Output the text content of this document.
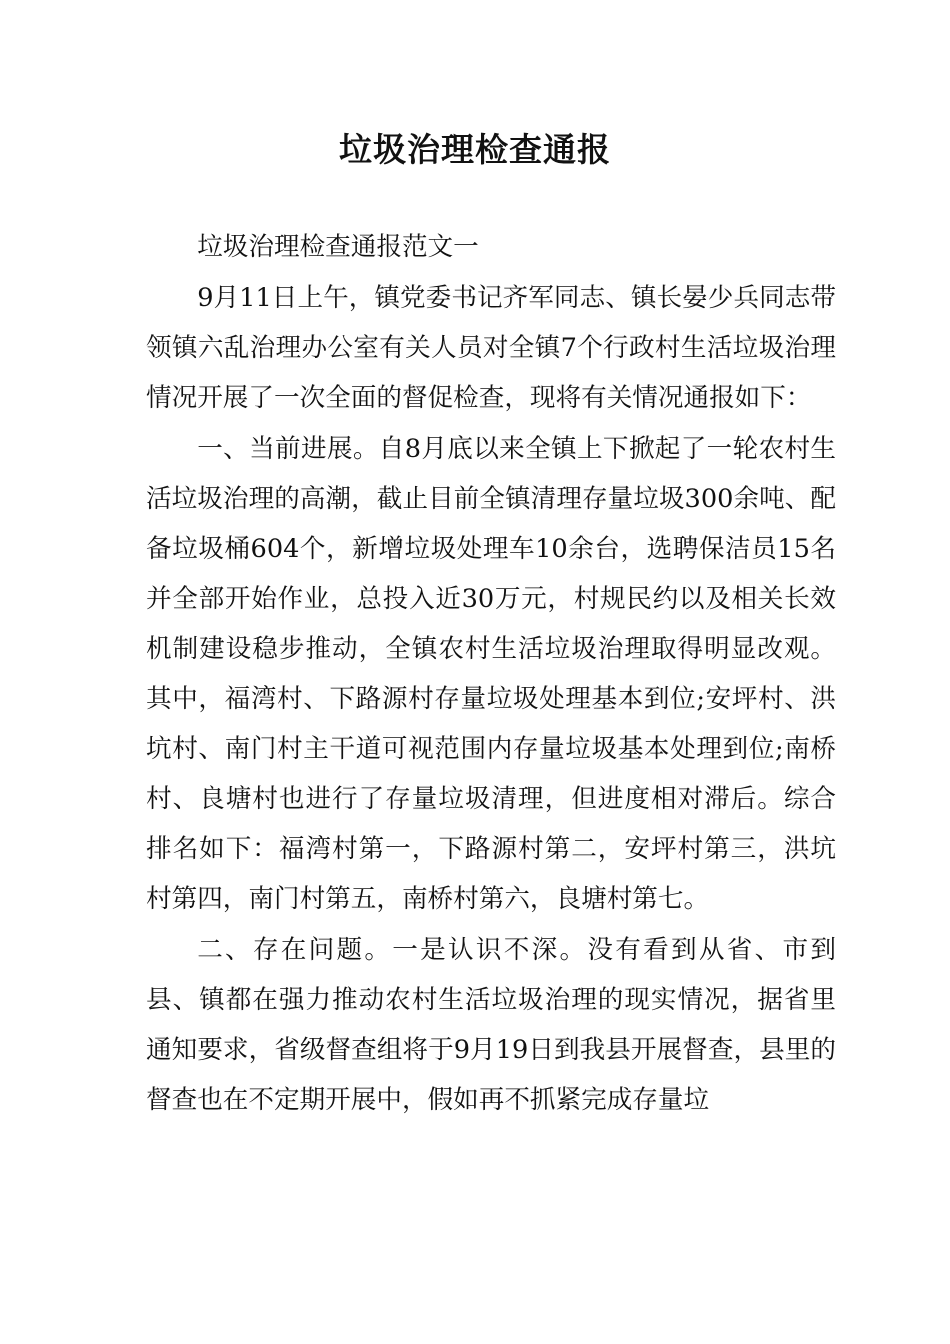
垃圾治理检查通报

垃圾治理检查通报范文一

9月11日上午，镇党委书记齐军同志、镇长晏少兵同志带领镇六乱治理办公室有关人员对全镇7个行政村生活垃圾治理情况开展了一次全面的督促检查，现将有关情况通报如下：

一、当前进展。自8月底以来全镇上下掀起了一轮农村生活垃圾治理的高潮，截止目前全镇清理存量垃圾300余吨、配备垃圾桶604个，新增垃圾处理车10余台，选聘保洁员15名并全部开始作业，总投入近30万元，村规民约以及相关长效机制建设稳步推动，全镇农村生活垃圾治理取得明显改观。其中，福湾村、下路源村存量垃圾处理基本到位;安坪村、洪坑村、南门村主干道可视范围内存量垃圾基本处理到位;南桥村、良塘村也进行了存量垃圾清理，但进度相对滞后。综合排名如下：福湾村第一，下路源村第二，安坪村第三，洪坑村第四，南门村第五，南桥村第六，良塘村第七。

二、存在问题。一是认识不深。没有看到从省、市到县、镇都在强力推动农村生活垃圾治理的现实情况，据省里通知要求，省级督查组将于9月19日到我县开展督查，县里的督查也在不定期开展中，假如再不抓紧完成存量垃
